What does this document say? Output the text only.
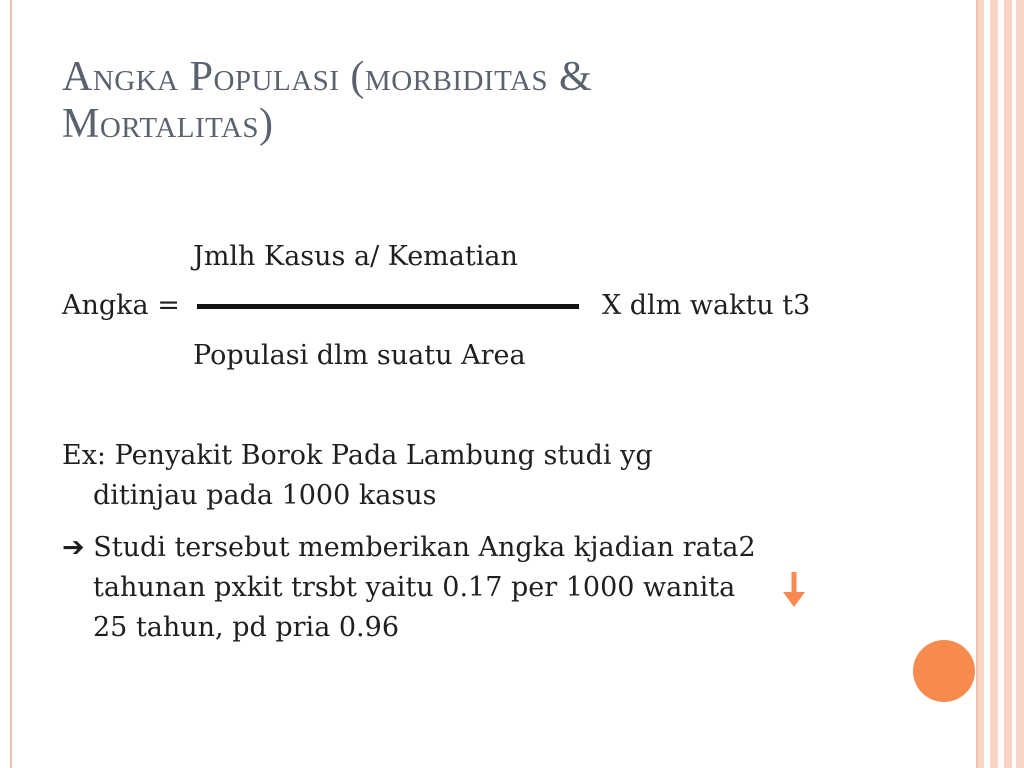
Angka Populasi (morbiditas &
Mortalitas)
Jmlh Kasus a/ Kematian
Angka =	X dlm waktu t3
Populasi dlm suatu Area
Ex: Penyakit Borok Pada Lambung studi yg
ditinjau pada 1000 kasus
➔ Studi tersebut memberikan Angka kjadian rata2
tahunan pxkit trsbt yaitu 0.17 per 1000 wanita
25 tahun, pd pria 0.96
